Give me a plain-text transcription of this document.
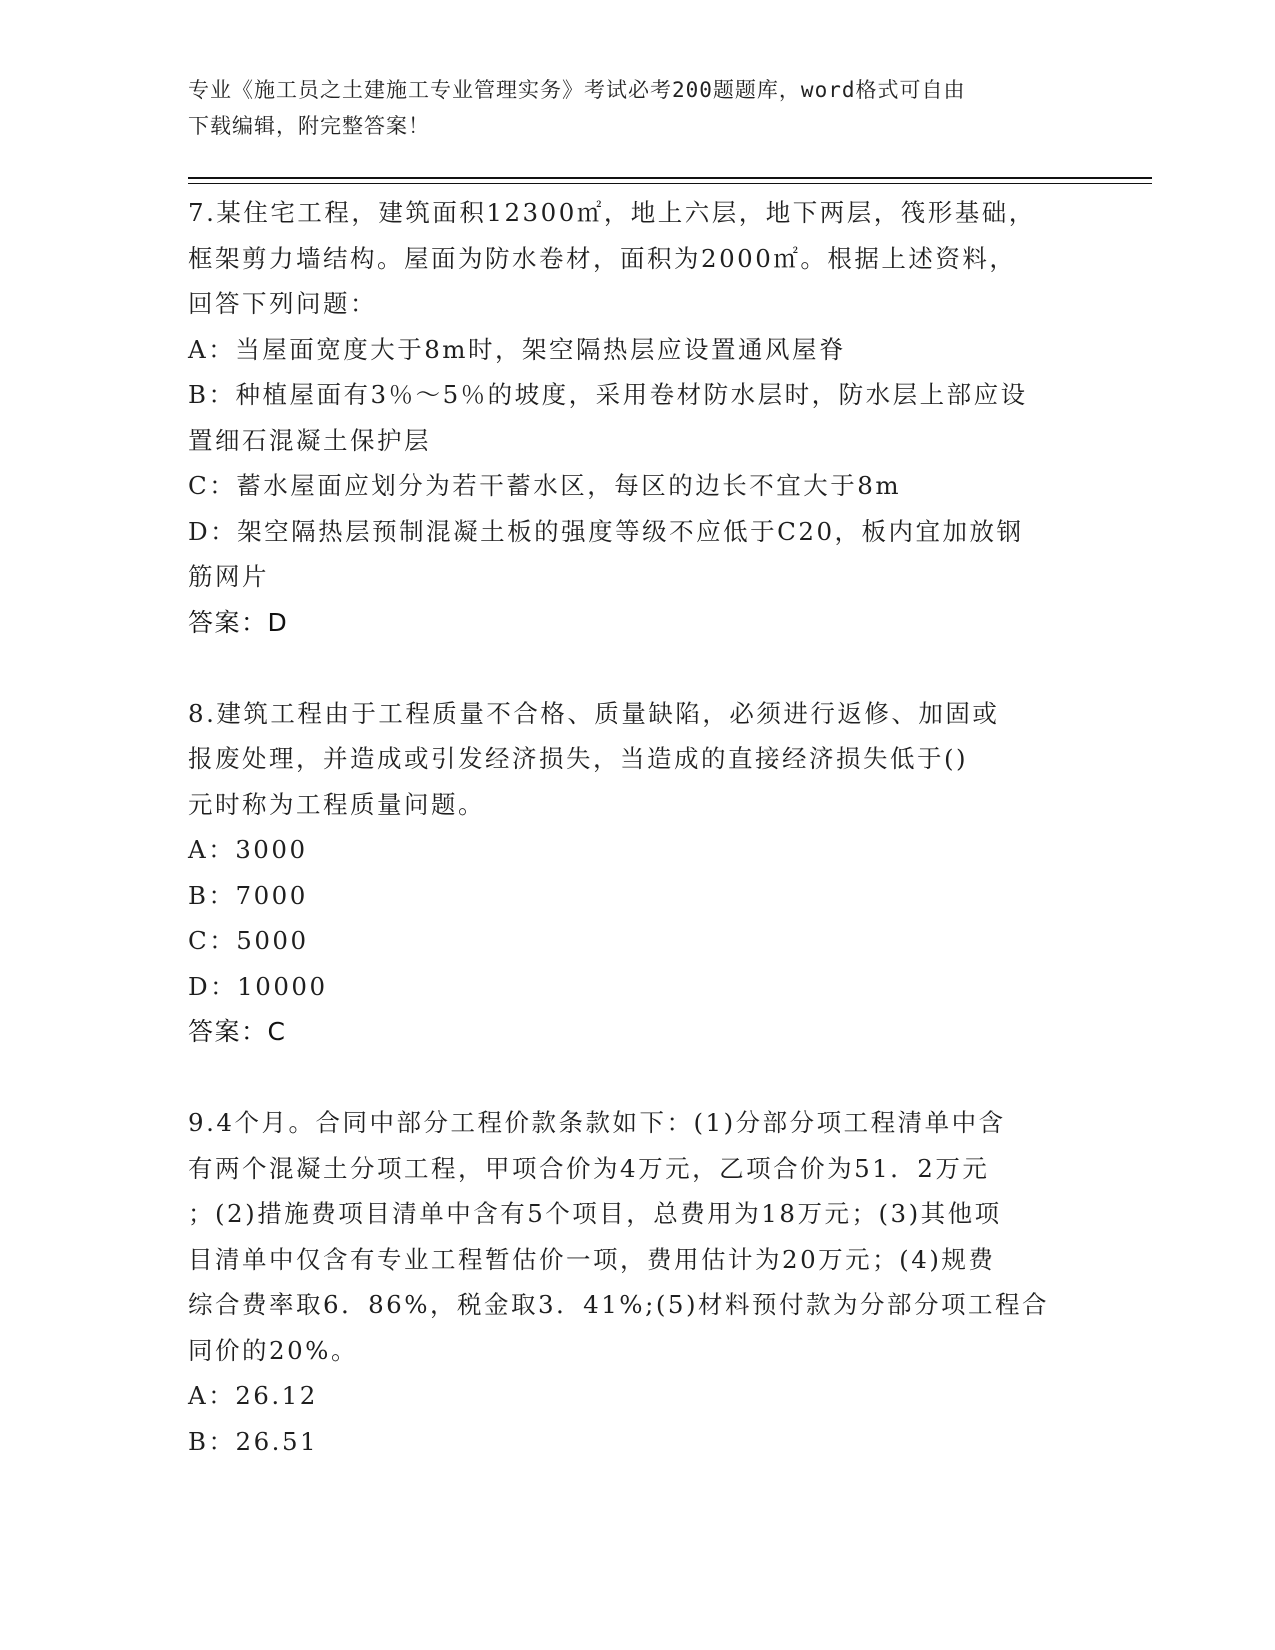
专业《施工员之土建施工专业管理实务》考试必考200题题库，word格式可自由
下载编辑，附完整答案！
7.某住宅工程，建筑面积12300㎡，地上六层，地下两层，筏形基础，
框架剪力墙结构。屋面为防水卷材，面积为2000㎡。根据上述资料，
回答下列问题：
A：当屋面宽度大于8m时，架空隔热层应设置通风屋脊
B：种植屋面有3％～5％的坡度，采用卷材防水层时，防水层上部应设
置细石混凝土保护层
C：蓄水屋面应划分为若干蓄水区，每区的边长不宜大于8m
D：架空隔热层预制混凝土板的强度等级不应低于C20，板内宜加放钢
筋网片
答案：D
8.建筑工程由于工程质量不合格、质量缺陷，必须进行返修、加固或
报废处理，并造成或引发经济损失，当造成的直接经济损失低于()
元时称为工程质量问题。
A：3000
B：7000
C：5000
D：10000
答案：C
9.4个月。合同中部分工程价款条款如下：(1)分部分项工程清单中含
有两个混凝土分项工程，甲项合价为4万元，乙项合价为51．2万元
；(2)措施费项目清单中含有5个项目，总费用为18万元；(3)其他项
目清单中仅含有专业工程暂估价一项，费用估计为20万元；(4)规费
综合费率取6．86%，税金取3．41%;(5)材料预付款为分部分项工程合
同价的20%。
A：26.12
B：26.51
